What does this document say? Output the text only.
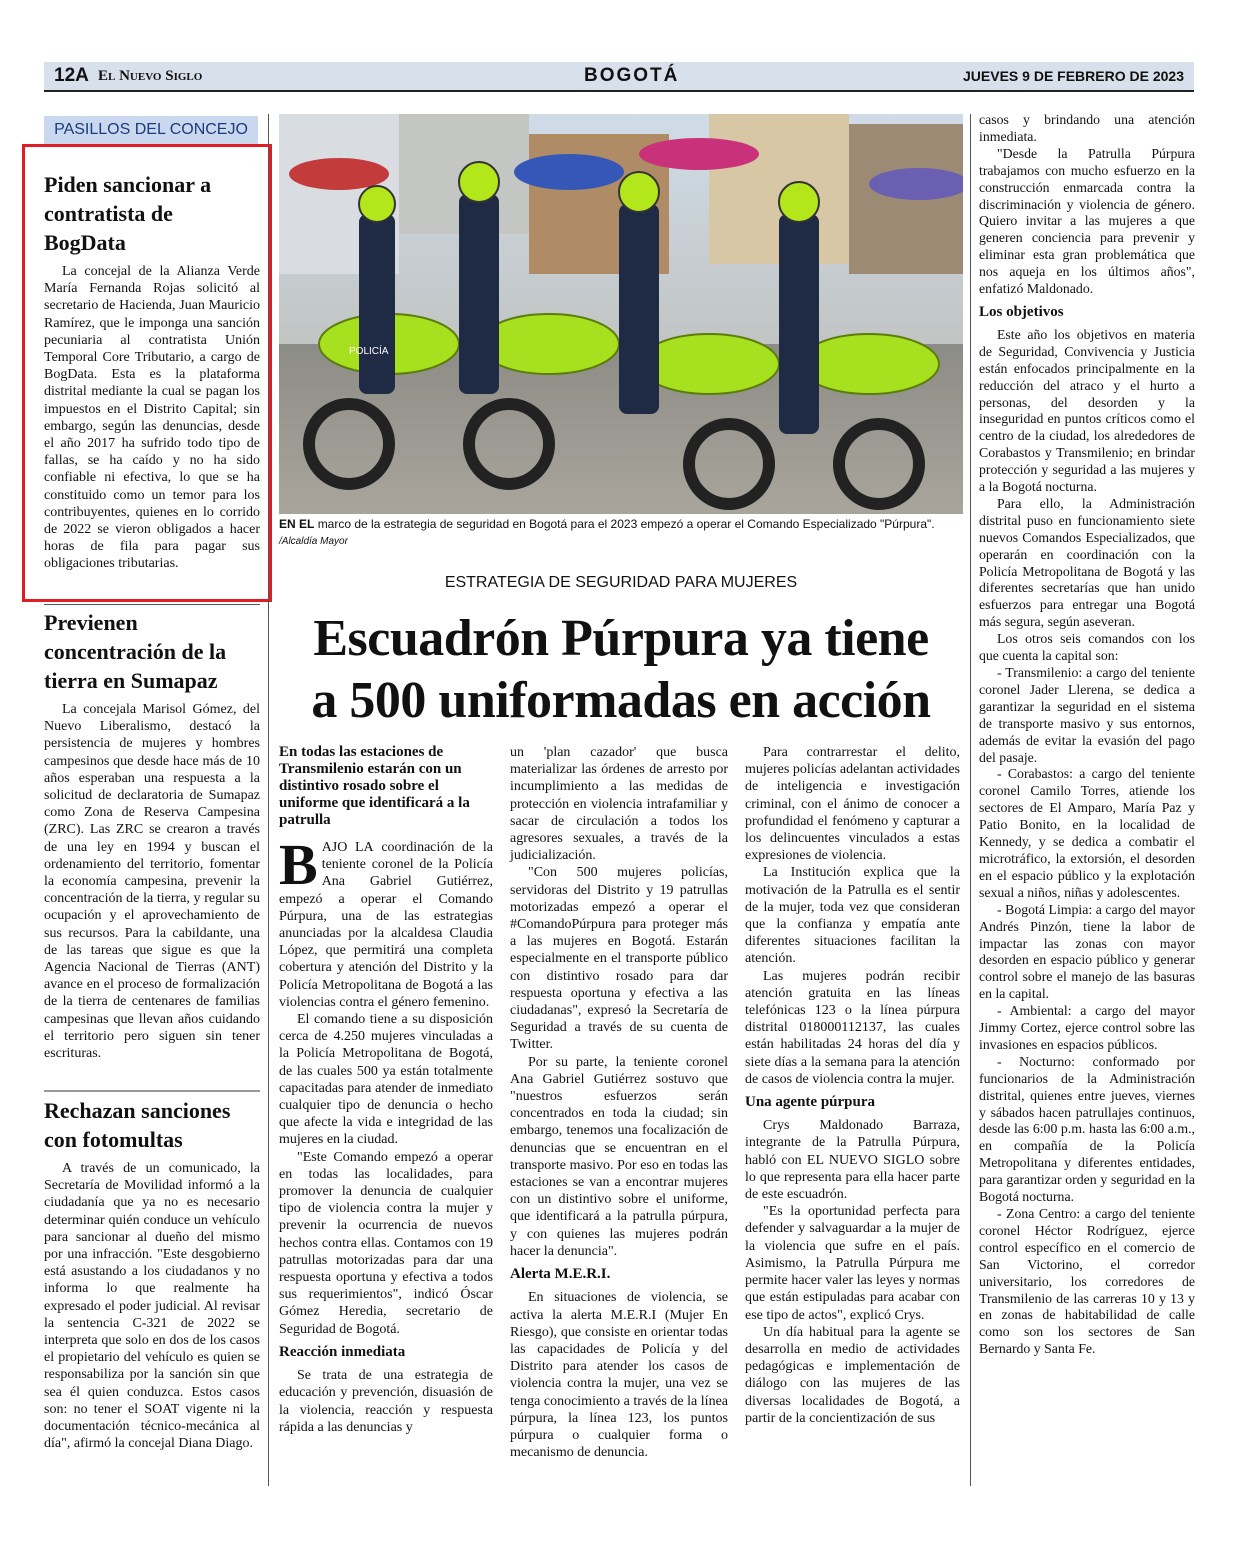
12A El Nuevo Siglo	BOGOTÁ	JUEVES 9 DE FEBRERO DE 2023
PASILLOS DEL CONCEJO
Piden sancionar a contratista de BogData

La concejal de la Alianza Verde María Fernanda Rojas solicitó al secretario de Hacienda, Juan Mauricio Ramírez, que le imponga una sanción pecuniaria al contratista Unión Temporal Core Tributario, a cargo de BogData. Esta es la plataforma distrital mediante la cual se pagan los impuestos en el Distrito Capital; sin embargo, según las denuncias, desde el año 2017 ha sufrido todo tipo de fallas, se ha caído y no ha sido confiable ni efectiva, lo que se ha constituido como un temor para los contribuyentes, quienes en lo corrido de 2022 se vieron obligados a hacer horas de fila para pagar sus obligaciones tributarias.

Previenen concentración de la tierra en Sumapaz

La concejala Marisol Gómez, del Nuevo Liberalismo, destacó la persistencia de mujeres y hombres campesinos que desde hace más de 10 años esperaban una respuesta a la solicitud de declaratoria de Sumapaz como Zona de Reserva Campesina (ZRC). Las ZRC se crearon a través de una ley en 1994 y buscan el ordenamiento del territorio, fomentar la economía campesina, prevenir la concentración de la tierra, y regular su ocupación y el aprovechamiento de sus recursos. Para la cabildante, una de las tareas que sigue es que la Agencia Nacional de Tierras (ANT) avance en el proceso de formalización de la tierra de centenares de familias campesinas que llevan años cuidando el territorio pero siguen sin tener escrituras.

Rechazan sanciones con fotomultas

A través de un comunicado, la Secretaría de Movilidad informó a la ciudadanía que ya no es necesario determinar quién conduce un vehículo para sancionar al dueño del mismo por una infracción. "Este desgobierno está asustando a los ciudadanos y no informa lo que realmente ha expresado el poder judicial. Al revisar la sentencia C-321 de 2022 se interpreta que solo en dos de los casos el propietario del vehículo es quien se responsabiliza por la sanción sin que sea él quien conduzca. Estos casos son: no tener el SOAT vigente ni la documentación técnico-mecánica al día", afirmó la concejal Diana Diago.

POLICÍA
EN EL marco de la estrategia de seguridad en Bogotá para el 2023 empezó a operar el Comando Especializado "Púrpura". /Alcaldía Mayor
ESTRATEGIA DE SEGURIDAD PARA MUJERES
Escuadrón Púrpura ya tiene
a 500 uniformadas en acción
En todas las estaciones de Transmilenio estarán con un distintivo rosado sobre el uniforme que identificará a la patrulla

BAJO LA coordinación de la teniente coronel de la Policía Ana Gabriel Gutiérrez, empezó a operar el Comando Púrpura, una de las estrategias anunciadas por la alcaldesa Claudia López, que permitirá una completa cobertura y atención del Distrito y la Policía Metropolitana de Bogotá a las violencias contra el género femenino.

El comando tiene a su disposición cerca de 4.250 mujeres vinculadas a la Policía Metropolitana de Bogotá, de las cuales 500 ya están totalmente capacitadas para atender de inmediato cualquier tipo de denuncia o hecho que afecte la vida e integridad de las mujeres en la ciudad.

"Este Comando empezó a operar en todas las localidades, para promover la denuncia de cualquier tipo de violencia contra la mujer y prevenir la ocurrencia de nuevos hechos contra ellas. Contamos con 19 patrullas motorizadas para dar una respuesta oportuna y efectiva a todos sus requerimientos", indicó Óscar Gómez Heredia, secretario de Seguridad de Bogotá.

Reacción inmediata

Se trata de una estrategia de educación y prevención, disuasión de la violencia, reacción y respuesta rápida a las denuncias y

un 'plan cazador' que busca materializar las órdenes de arresto por incumplimiento a las medidas de protección en violencia intrafamiliar y sacar de circulación a todos los agresores sexuales, a través de la judicialización.

"Con 500 mujeres policías, servidoras del Distrito y 19 patrullas motorizadas empezó a operar el #ComandoPúrpura para proteger más a las mujeres en Bogotá. Estarán especialmente en el transporte público con distintivo rosado para dar respuesta oportuna y efectiva a las ciudadanas", expresó la Secretaría de Seguridad a través de su cuenta de Twitter.

Por su parte, la teniente coronel Ana Gabriel Gutiérrez sostuvo que "nuestros esfuerzos serán concentrados en toda la ciudad; sin embargo, tenemos una focalización de denuncias que se encuentran en el transporte masivo. Por eso en todas las estaciones se van a encontrar mujeres con un distintivo sobre el uniforme, que identificará a la patrulla púrpura, y con quienes las mujeres podrán hacer la denuncia".

Alerta M.E.R.I.

En situaciones de violencia, se activa la alerta M.E.R.I (Mujer En Riesgo), que consiste en orientar todas las capacidades de Policía y del Distrito para atender los casos de violencia contra la mujer, una vez se tenga conocimiento a través de la línea púrpura, la línea 123, los puntos púrpura o cualquier forma o mecanismo de denuncia.

Para contrarrestar el delito, mujeres policías adelantan actividades de inteligencia e investigación criminal, con el ánimo de conocer a profundidad el fenómeno y capturar a los delincuentes vinculados a estas expresiones de violencia.

La Institución explica que la motivación de la Patrulla es el sentir de la mujer, toda vez que consideran que la confianza y empatía ante diferentes situaciones facilitan la atención.

Las mujeres podrán recibir atención gratuita en las líneas telefónicas 123 o la línea púrpura distrital 018000112137, las cuales están habilitadas 24 horas del día y siete días a la semana para la atención de casos de violencia contra la mujer.

Una agente púrpura

Crys Maldonado Barraza, integrante de la Patrulla Púrpura, habló con EL NUEVO SIGLO sobre lo que representa para ella hacer parte de este escuadrón.

"Es la oportunidad perfecta para defender y salvaguardar a la mujer de la violencia que sufre en el país. Asimismo, la Patrulla Púrpura me permite hacer valer las leyes y normas que están estipuladas para acabar con ese tipo de actos", explicó Crys.

Un día habitual para la agente se desarrolla en medio de actividades pedagógicas e implementación de diálogo con las mujeres de las diversas localidades de Bogotá, a partir de la concientización de sus

casos y brindando una atención inmediata.

"Desde la Patrulla Púrpura trabajamos con mucho esfuerzo en la construcción enmarcada contra la discriminación y violencia de género. Quiero invitar a las mujeres a que generen conciencia para prevenir y eliminar esta gran problemática que nos aqueja en los últimos años", enfatizó Maldonado.

Los objetivos

Este año los objetivos en materia de Seguridad, Convivencia y Justicia están enfocados principalmente en la reducción del atraco y el hurto a personas, del desorden y la inseguridad en puntos críticos como el centro de la ciudad, los alrededores de Corabastos y Transmilenio; en brindar protección y seguridad a las mujeres y a la Bogotá nocturna.

Para ello, la Administración distrital puso en funcionamiento siete nuevos Comandos Especializados, que operarán en coordinación con la Policía Metropolitana de Bogotá y las diferentes secretarías que han unido esfuerzos para entregar una Bogotá más segura, según aseveran.

Los otros seis comandos con los que cuenta la capital son:

- Transmilenio: a cargo del teniente coronel Jader Llerena, se dedica a garantizar la seguridad en el sistema de transporte masivo y sus entornos, además de evitar la evasión del pago del pasaje.

- Corabastos: a cargo del teniente coronel Camilo Torres, atiende los sectores de El Amparo, María Paz y Patio Bonito, en la localidad de Kennedy, y se dedica a combatir el microtráfico, la extorsión, el desorden en el espacio público y la explotación sexual a niños, niñas y adolescentes.

- Bogotá Limpia: a cargo del mayor Andrés Pinzón, tiene la labor de impactar las zonas con mayor desorden en espacio público y generar control sobre el manejo de las basuras en la capital.

- Ambiental: a cargo del mayor Jimmy Cortez, ejerce control sobre las invasiones en espacios públicos.

- Nocturno: conformado por funcionarios de la Administración distrital, quienes entre jueves, viernes y sábados hacen patrullajes continuos, desde las 6:00 p.m. hasta las 6:00 a.m., en compañía de la Policía Metropolitana y diferentes entidades, para garantizar orden y seguridad en la Bogotá nocturna.

- Zona Centro: a cargo del teniente coronel Héctor Rodríguez, ejerce control específico en el comercio de San Victorino, el corredor universitario, los corredores de Transmilenio de las carreras 10 y 13 y en zonas de habitabilidad de calle como son los sectores de San Bernardo y Santa Fe.
